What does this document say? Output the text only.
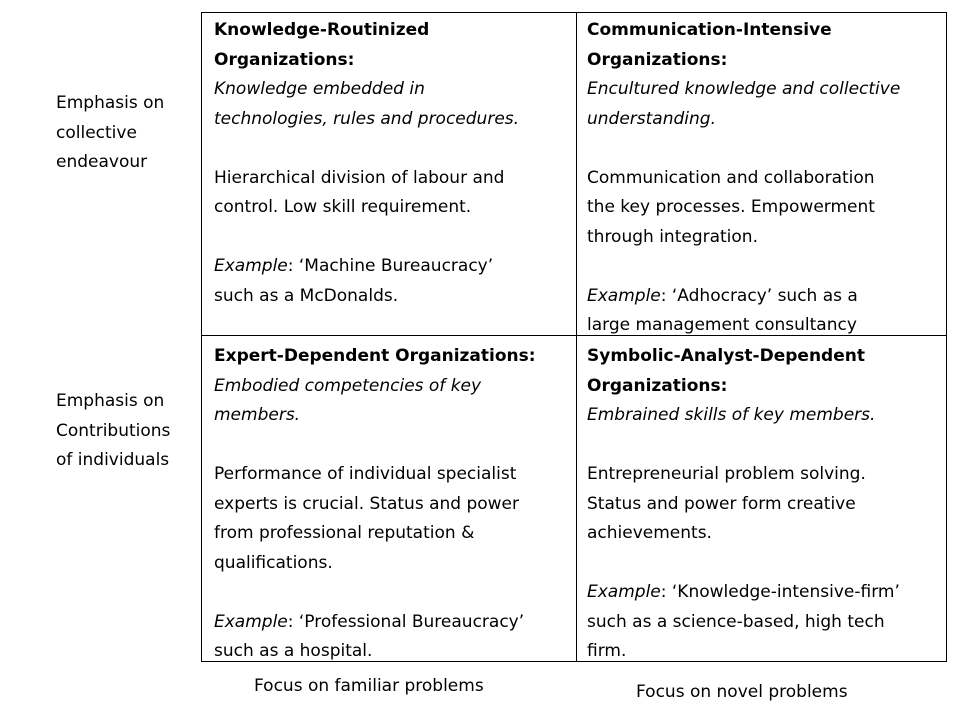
Emphasis on
collective
endeavour
Emphasis on
Contributions
of individuals

Knowledge-Routinized

Organizations:

Knowledge embedded in

technologies, rules and procedures.

Hierarchical division of labour and

control. Low skill requirement.

Example: ‘Machine Bureaucracy’

such as a McDonalds.

Communication-Intensive

Organizations:

Encultured knowledge and collective

understanding.

Communication and collaboration

the key processes. Empowerment

through integration.

Example: ‘Adhocracy’ such as a

large management consultancy

Expert-Dependent Organizations:

Embodied competencies of key

members.

Performance of individual specialist

experts is crucial. Status and power

from professional reputation &

qualifications.

Example: ‘Professional Bureaucracy’

such as a hospital.

Symbolic-Analyst-Dependent

Organizations:

Embrained skills of key members.

Entrepreneurial problem solving.

Status and power form creative

achievements.

Example: ‘Knowledge-intensive-firm’

such as a science-based, high tech

firm.

Focus on familiar problems	Focus on novel problems
